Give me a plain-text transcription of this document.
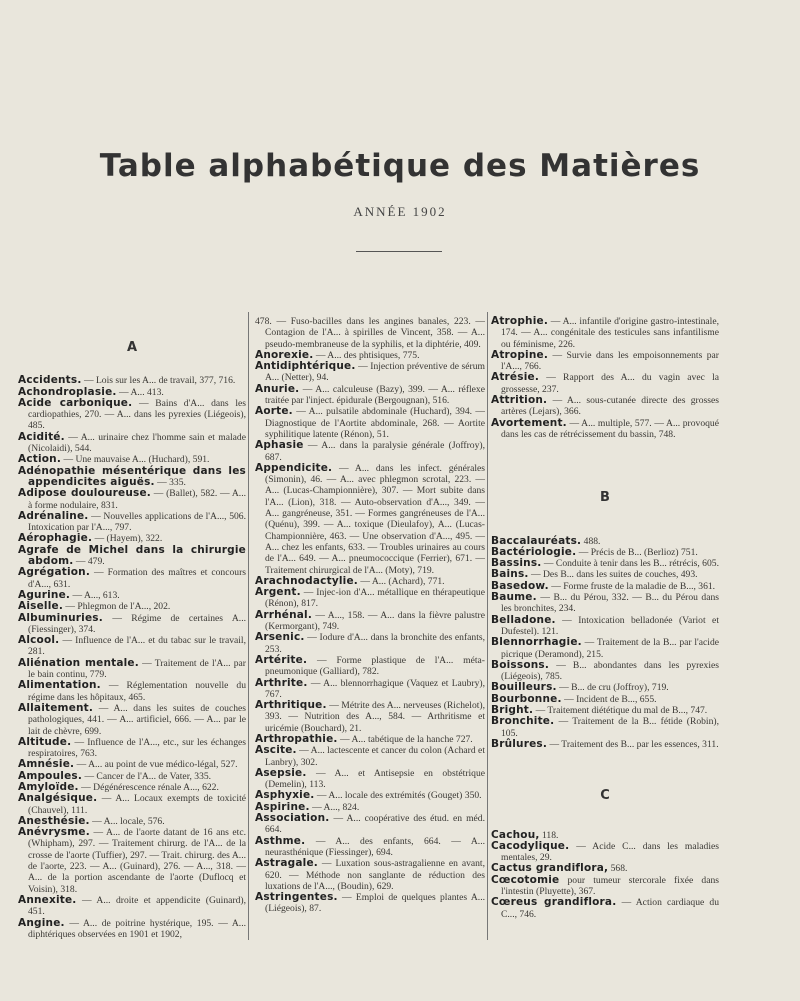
Table alphabétique des Matières
ANNÉE 1902
A

Accidents. — Lois sur les A... de travail, 377, 716.

Achondroplasie. — A... 413.

Acide carbonique. — Bains d'A... dans les cardiopathies, 270. — A... dans les pyrexies (Liégeois), 485.

Acidité. — A... urinaire chez l'homme sain et malade (Nicolaidi), 544.

Action. — Une mauvaise A... (Huchard), 591.

Adénopathie mésentérique dans les appendicites aiguës. — 335.

Adipose douloureuse. — (Ballet), 582. — A... à forme nodulaire, 831.

Adrénaline. — Nouvelles applications de l'A..., 506. Intoxication par l'A..., 797.

Aérophagie. — (Hayem), 322.

Agrafe de Michel dans la chirurgie abdom. — 479.

Agrégation. — Formation des maîtres et concours d'A..., 631.

Agurine. — A..., 613.

Aiselle. — Phlegmon de l'A..., 202.

Albuminuries. — Régime de certaines A... (Fiessinger), 374.

Alcool. — Influence de l'A... et du tabac sur le travail, 281.

Aliénation mentale. — Traitement de l'A... par le bain continu, 779.

Alimentation. — Réglementation nouvelle du régime dans les hôpitaux, 465.

Allaitement. — A... dans les suites de couches pathologiques, 441. — A... artificiel, 666. — A... par le lait de chèvre, 699.

Altitude. — Influence de l'A..., etc., sur les échanges respiratoires, 763.

Amnésie. — A... au point de vue médico-légal, 527.

Ampoules. — Cancer de l'A... de Vater, 335.

Amyloïde. — Dégénérescence rénale A..., 622.

Analgésique. — A... Locaux exempts de toxicité (Chauvel), 111.

Anesthésie. — A... locale, 576.

Anévrysme. — A... de l'aorte datant de 16 ans etc. (Whipham), 297. — Traitement chirurg. de l'A... de la crosse de l'aorte (Tuffier), 297. — Trait. chirurg. des A... de l'aorte, 223. — A... (Guinard), 276. — A..., 318. — A... de la portion ascendante de l'aorte (Duflocq et Voisin), 318.

Annexite. — A... droite et appendicite (Guinard), 451.

Angine. — A... de poitrine hystérique, 195. — A... diphtériques observées en 1901 et 1902,

478. — Fuso-bacilles dans les angines banales, 223. — Contagion de l'A... à spirilles de Vincent, 358. — A... pseudo-membraneuse de la syphilis, et la diphtérie, 409.

Anorexie. — A... des phtisiques, 775.

Antidiphtérique. — Injection préventive de sérum A... (Netter), 94.

Anurie. — A... calculeuse (Bazy), 399. — A... réflexe traitée par l'inject. épidurale (Bergougnan), 516.

Aorte. — A... pulsatile abdominale (Huchard), 394. — Diagnostique de l'Aortite abdominale, 268. — Aortite syphilitique latente (Rénon), 51.

Aphasie — A... dans la paralysie générale (Joffroy), 687.

Appendicite. — A... dans les infect. générales (Simonin), 46. — A... avec phlegmon scrotal, 223. — A... (Lucas-Championnière), 307. — Mort subite dans l'A... (Lion), 318. — Auto-observation d'A..., 349. — A... gangréneuse, 351. — Formes gangréneuses de l'A... (Quénu), 399. — A... toxique (Dieulafoy), A... (Lucas-Championnière, 463. — Une observation d'A..., 495. — A... chez les enfants, 633. — Troubles urinaires au cours de l'A... 649. — A... pneumococcique (Ferrier), 671. — Traitement chirurgical de l'A... (Moty), 719.

Arachnodactylie. — A... (Achard), 771.

Argent. — Injec-ion d'A... métallique en thérapeutique (Rénon), 817.

Arrhénal. — A..., 158. — A... dans la fièvre palustre (Kermorgant), 749.

Arsenic. — Iodure d'A... dans la bronchite des enfants, 253.

Artérite. — Forme plastique de l'A... méta-pneumonique (Galliard), 782.

Arthrite. — A... blennorrhagique (Vaquez et Laubry), 767.

Arthritique. — Métrite des A... nerveuses (Richelot), 393. — Nutrition des A..., 584. — Arthritisme et uricémie (Bouchard), 21.

Arthropathie. — A... tabétique de la hanche 727.

Ascite. — A... lactescente et cancer du colon (Achard et Lanbry), 302.

Asepsie. — A... et Antisepsie en obstétrique (Demelin), 113.

Asphyxie. — A... locale des extrémités (Gouget) 350.

Aspirine. — A..., 824.

Association. — A... coopérative des étud. en méd. 664.

Asthme. — A... des enfants, 664. — A... neurasthénique (Fiessinger), 694.

Astragale. — Luxation sous-astragalienne en avant, 620. — Méthode non sanglante de réduction des luxations de l'A..., (Boudin), 629.

Astringentes. — Emploi de quelques plantes A... (Liégeois), 87.

Atrophie. — A... infantile d'origine gastro-intestinale, 174. — A... congénitale des testicules sans infantilisme ou féminisme, 226.

Atropine. — Survie dans les empoisonnements par l'A..., 766.

Atrésie. — Rapport des A... du vagin avec la grossesse, 237.

Attrition. — A... sous-cutanée directe des grosses artères (Lejars), 366.

Avortement. — A... multiple, 577. — A... provoqué dans les cas de rétrécissement du bassin, 748.

B

Baccalauréats. 488.

Bactériologie. — Précis de B... (Berlioz) 751.

Bassins. — Conduite à tenir dans les B... rétrécis, 605.

Bains. — Des B... dans les suites de couches, 493.

Basedow. — Forme fruste de la maladie de B..., 361.

Baume. — B... du Pérou, 332. — B... du Pérou dans les bronchites, 234.

Belladone. — Intoxication belladonée (Variot et Dufestel). 121.

Blennorrhagie. — Traitement de la B... par l'acide picrique (Deramond), 215.

Boissons. — B... abondantes dans les pyrexies (Liégeois), 785.

Bouilleurs. — B... de cru (Joffroy), 719.

Bourbonne. — Incident de B..., 655.

Bright. — Traitement diététique du mal de B..., 747.

Bronchite. — Traitement de la B... fétide (Robin), 105.

Brûlures. — Traitement des B... par les essences, 311.

C

Cachou, 118.

Cacodylique. — Acide C... dans les maladies mentales, 29.

Cactus grandiflora, 568.

Cœcotomie pour tumeur stercorale fixée dans l'intestin (Pluyette), 367.

Cœreus grandiflora. — Action cardiaque du C..., 746.
